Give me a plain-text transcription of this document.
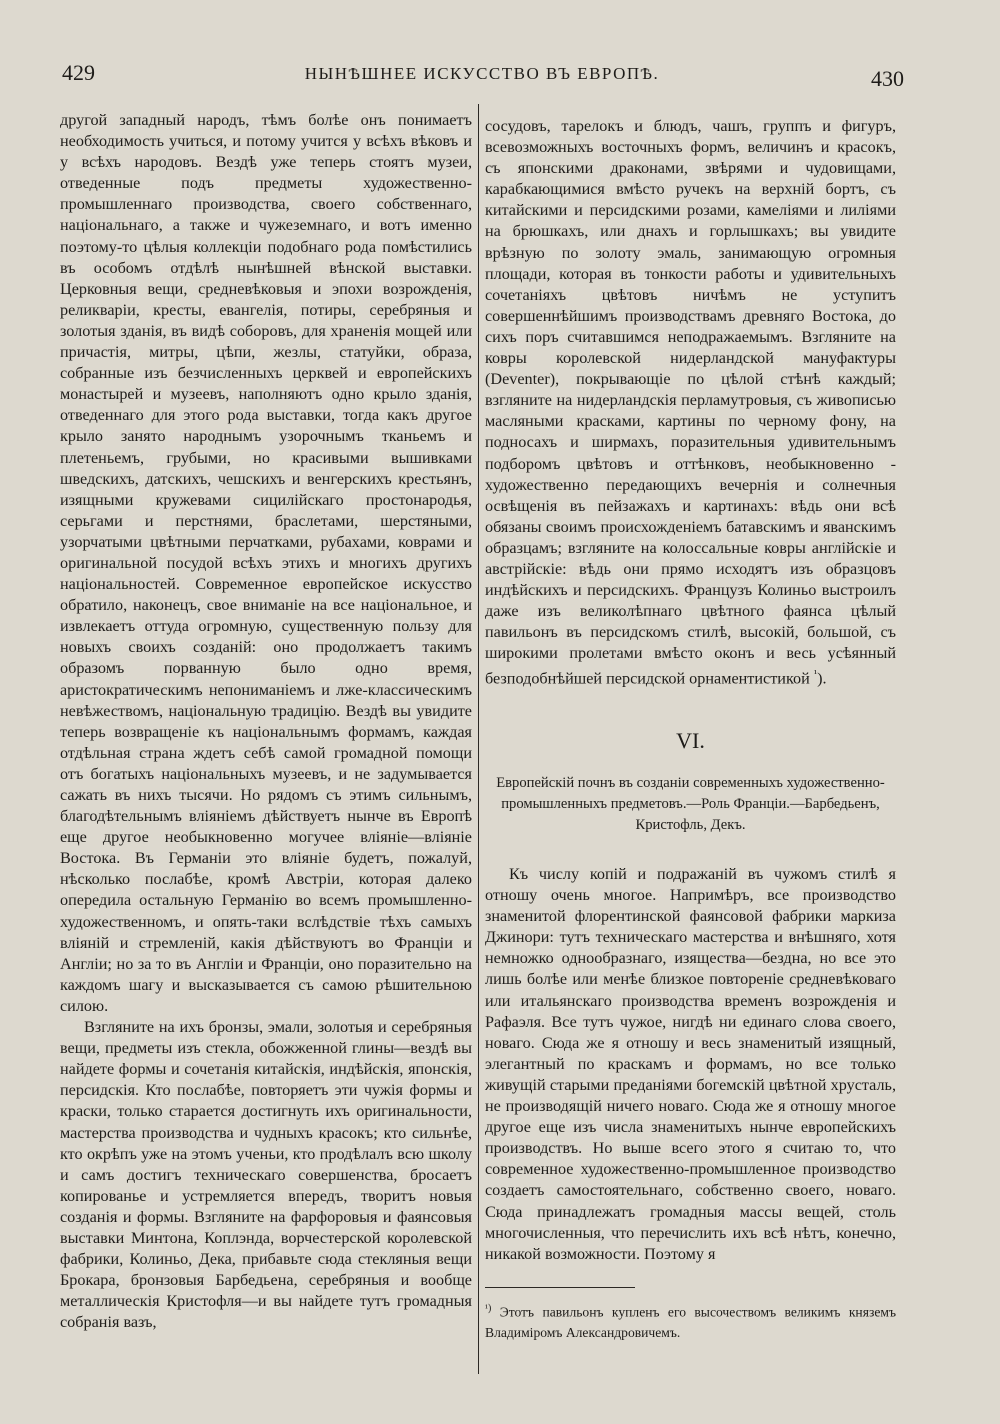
429	НЫНѢШНЕЕ ИСКУССТВО ВЪ ЕВРОПѢ.	430

другой западный народъ, тѣмъ болѣе онъ понимаетъ необходимость учиться, и потому учится у всѣхъ вѣковъ и у всѣхъ народовъ. Вездѣ уже теперь стоятъ музеи, отведенные подъ предметы художественно-промышленнаго производства, своего собственнаго, національнаго, а также и чужеземнаго, и вотъ именно поэтому-то цѣлыя коллекціи подобнаго рода помѣстились въ особомъ отдѣлѣ нынѣшней вѣнской выставки. Церковныя вещи, средневѣковыя и эпохи возрожденія, реликваріи, кресты, евангелія, потиры, серебряныя и золотыя зданія, въ видѣ соборовъ, для храненія мощей или причастія, митры, цѣпи, жезлы, статуйки, образа, собранные изъ безчисленныхъ церквей и европейскихъ монастырей и музеевъ, наполняютъ одно крыло зданія, отведеннаго для этого рода выставки, тогда какъ другое крыло занято народнымъ узорочнымъ тканьемъ и плетеньемъ, грубыми, но красивыми вышивками шведскихъ, датскихъ, чешскихъ и венгерскихъ крестьянъ, изящными кружевами сицилійскаго простонародья, серьгами и перстнями, браслетами, шерстяными, узорчатыми цвѣтными перчатками, рубахами, коврами и оригинальной посудой всѣхъ этихъ и многихъ другихъ національностей. Современное европейское искусство обратило, наконецъ, свое вниманіе на все національное, и извлекаетъ оттуда огромную, существенную пользу для новыхъ своихъ созданій: оно продолжаетъ такимъ образомъ порванную было одно время, аристократическимъ непониманіемъ и лже-классическимъ невѣжествомъ, національную традицію. Вездѣ вы увидите теперь возвращеніе къ національнымъ формамъ, каждая отдѣльная страна ждетъ себѣ самой громадной помощи отъ богатыхъ національныхъ музеевъ, и не задумывается сажать въ нихъ тысячи. Но рядомъ съ этимъ сильнымъ, благодѣтельнымъ вліяніемъ дѣйствуетъ нынче въ Европѣ еще другое необыкновенно могучее вліяніе—вліяніе Востока. Въ Германіи это вліяніе будетъ, пожалуй, нѣсколько послабѣе, кромѣ Австріи, которая далеко опередила остальную Германію во всемъ промышленно-художественномъ, и опять-таки вслѣдствіе тѣхъ самыхъ вліяній и стремленій, какія дѣйствуютъ во Франціи и Англіи; но за то въ Англіи и Франціи, оно поразительно на каждомъ шагу и высказывается съ самою рѣшительною силою.

Взгляните на ихъ бронзы, эмали, золотыя и серебряныя вещи, предметы изъ стекла, обожженной глины—вездѣ вы найдете формы и сочетанія китайскія, индѣйскія, японскія, персидскія. Кто послабѣе, повторяетъ эти чужія формы и краски, только старается достигнуть ихъ оригинальности, мастерства производства и чудныхъ красокъ; кто сильнѣе, кто окрѣпъ уже на этомъ ученьи, кто продѣлалъ всю школу и самъ достигъ техническаго совершенства, бросаетъ копированье и устремляется впередъ, творитъ новыя созданія и формы. Взгляните на фарфоровыя и фаянсовыя выставки Минтона, Коплэнда, ворчестерской королевской фабрики, Колиньо, Дека, прибавьте сюда стекляныя вещи Брокара, бронзовыя Барбедьена, серебряныя и вообще металлическія Кристофля—и вы найдете тутъ громадныя собранія вазъ,

сосудовъ, тарелокъ и блюдъ, чашъ, группъ и фигуръ, всевозможныхъ восточныхъ формъ, величинъ и красокъ, съ японскими драконами, звѣрями и чудовищами, карабкающимися вмѣсто ручекъ на верхній бортъ, съ китайскими и персидскими розами, камеліями и лиліями на брюшкахъ, или днахъ и горлышкахъ; вы увидите врѣзную по золоту эмаль, занимающую огромныя площади, которая въ тонкости работы и удивительныхъ сочетаніяхъ цвѣтовъ ничѣмъ не уступитъ совершеннѣйшимъ производствамъ древняго Востока, до сихъ поръ считавшимся неподражаемымъ. Взгляните на ковры королевской нидерландской мануфактуры (Deventer), покрывающіе по цѣлой стѣнѣ каждый; взгляните на нидерландскія перламутровыя, съ живописью масляными красками, картины по черному фону, на подносахъ и ширмахъ, поразительныя удивительнымъ подборомъ цвѣтовъ и оттѣнковъ, необыкновенно - художественно передающихъ вечернія и солнечныя освѣщенія въ пейзажахъ и картинахъ: вѣдь они всѣ обязаны своимъ происхожденіемъ батавскимъ и яванскимъ образцамъ; взгляните на колоссальные ковры англійскіе и австрійскіе: вѣдь они прямо исходятъ изъ образцовъ индѣйскихъ и персидскихъ. Французъ Колиньо выстроилъ даже изъ великолѣпнаго цвѣтного фаянса цѣлый павильонъ въ персидскомъ стилѣ, высокій, большой, съ широкими пролетами вмѣсто оконъ и весь усѣянный безподобнѣйшей персидской орнаментистикой $^{^1}$).

VI.
Европейскій почнъ въ созданіи современныхъ художественно-промышленныхъ предметовъ.—Роль Франціи.—Барбедьенъ, Кристофль, Декъ.

Къ числу копій и подражаній въ чужомъ стилѣ я отношу очень многое. Напримѣръ, все производство знаменитой флорентинской фаянсовой фабрики маркиза Джинори: тутъ техническаго мастерства и внѣшняго, хотя немножко однообразнаго, изящества—бездна, но все это лишь болѣе или менѣе близкое повтореніе средневѣковаго или итальянскаго производства временъ возрожденія и Рафаэля. Все тутъ чужое, нигдѣ ни единаго слова своего, новаго. Сюда же я отношу и весь знаменитый изящный, элегантный по краскамъ и формамъ, но все только живущій старыми преданіями богемскій цвѣтной хрусталь, не производящій ничего новаго. Сюда же я отношу многое другое еще изъ числа знаменитыхъ нынче европейскихъ производствъ. Но выше всего этого я считаю то, что современное художественно-промышленное производство создаетъ самостоятельнаго, собственно своего, новаго. Сюда принадлежатъ громадныя массы вещей, столь многочисленныя, что перечислить ихъ всѣ нѣтъ, конечно, никакой возможности. Поэтому я

$^{^1)}$ Этотъ павильонъ купленъ его высочествомъ великимъ княземъ Владиміромъ Александровичемъ.
